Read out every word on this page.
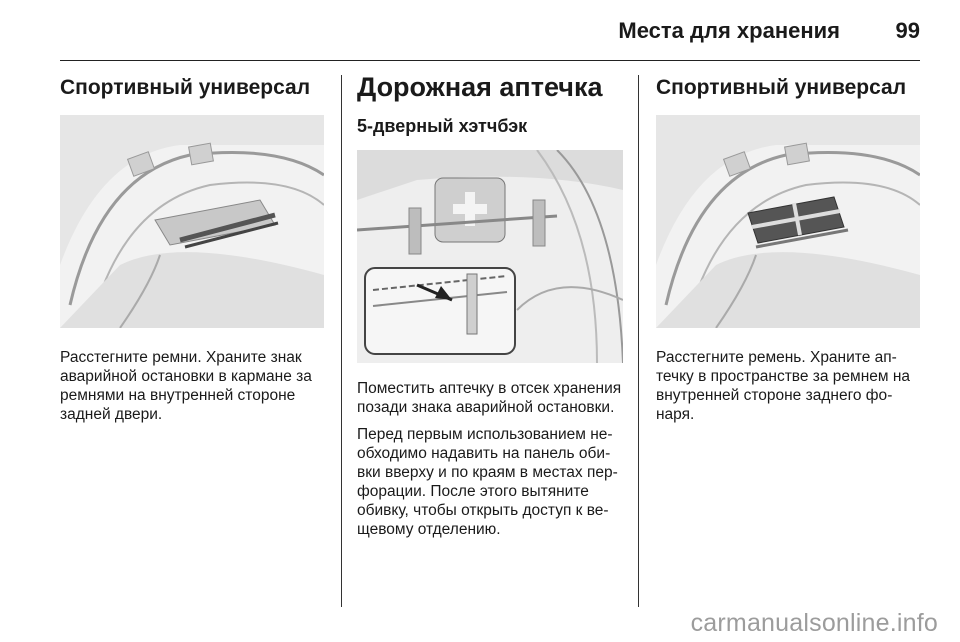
Места для хранения	99
Спортивный универсал

Расстегните ремни. Храните знак аварийной остановки в кармане за ремнями на внутренней стороне задней двери.

Дорожная аптечка
5-дверный хэтчбэк

Поместить аптечку в отсек хранения позади знака аварийной остановки.

Перед первым использованием необходимо надавить на панель обивки вверху и по краям в местах перфорации. После этого вытяните обивку, чтобы открыть доступ к вещевому отделению.

Спортивный универсал

Расстегните ремень. Храните аптечку в пространстве за ремнем на внутренней стороне заднего фонаря.

carmanualsonline.info
